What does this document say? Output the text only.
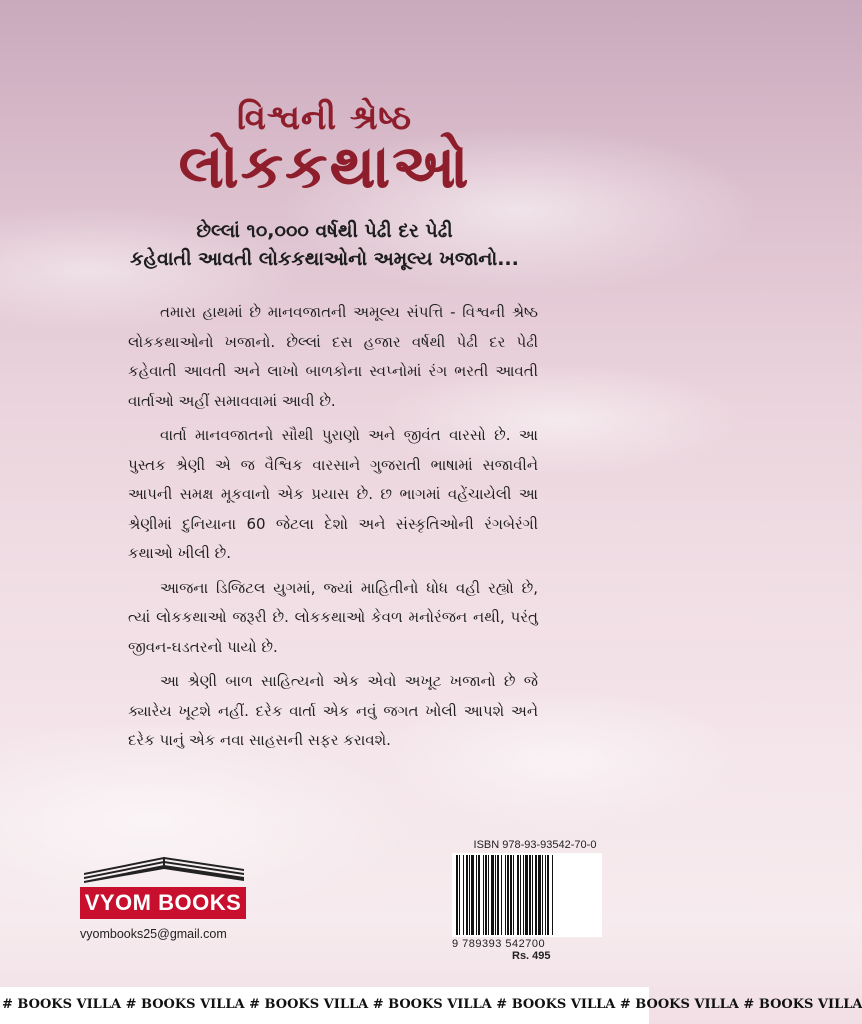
વિશ્વની શ્રેષ્ઠ
લોકકથાઓ
છેલ્લાં ૧૦,૦૦૦ વર્ષથી પેઢી દર પેઢી
કહેવાતી આવતી લોકકથાઓનો અમૂલ્ય ખજાનો...

તમારા હાથમાં છે માનવજાતની અમૂલ્ય સંપત્તિ - વિશ્વની શ્રેષ્ઠ લોકકથાઓનો ખજાનો. છેલ્લાં દસ હજાર વર્ષથી પેઢી દર પેઢી કહેવાતી આવતી અને લાખો બાળકોના સ્વપ્નોમાં રંગ ભરતી આવતી વાર્તાઓ અહીં સમાવવામાં આવી છે.

વાર્તા માનવજાતનો સૌથી પુરાણો અને જીવંત વારસો છે. આ પુસ્તક શ્રેણી એ જ વૈશ્વિક વારસાને ગુજરાતી ભાષામાં સજાવીને આપની સમક્ષ મૂકવાનો એક પ્રયાસ છે. છ ભાગમાં વહેંચાયેલી આ શ્રેણીમાં દુનિયાના 60 જેટલા દેશો અને સંસ્કૃતિઓની રંગબેરંગી કથાઓ ખીલી છે.

આજના ડિજિટલ યુગમાં, જ્યાં માહિતીનો ધોધ વહી રહ્યો છે, ત્યાં લોકકથાઓ જરૂરી છે. લોકકથાઓ કેવળ મનોરંજન નથી, પરંતુ જીવન-ઘડતરનો પાયો છે.

આ શ્રેણી બાળ સાહિત્યનો એક એવો અખૂટ ખજાનો છે જે ક્યારેય ખૂટશે નહીં. દરેક વાર્તા એક નવું જગત ખોલી આપશે અને દરેક પાનું એક નવા સાહસની સફર કરાવશે.

VYOM BOOKS
vyombooks25@gmail.com
ISBN 978-93-93542-70-0
9 789393 542700
Rs. 495
# BOOKS VILLA # BOOKS VILLA # BOOKS VILLA # BOOKS VILLA # BOOKS VILLA # BOOKS VILLA # BOOKS VILLA
